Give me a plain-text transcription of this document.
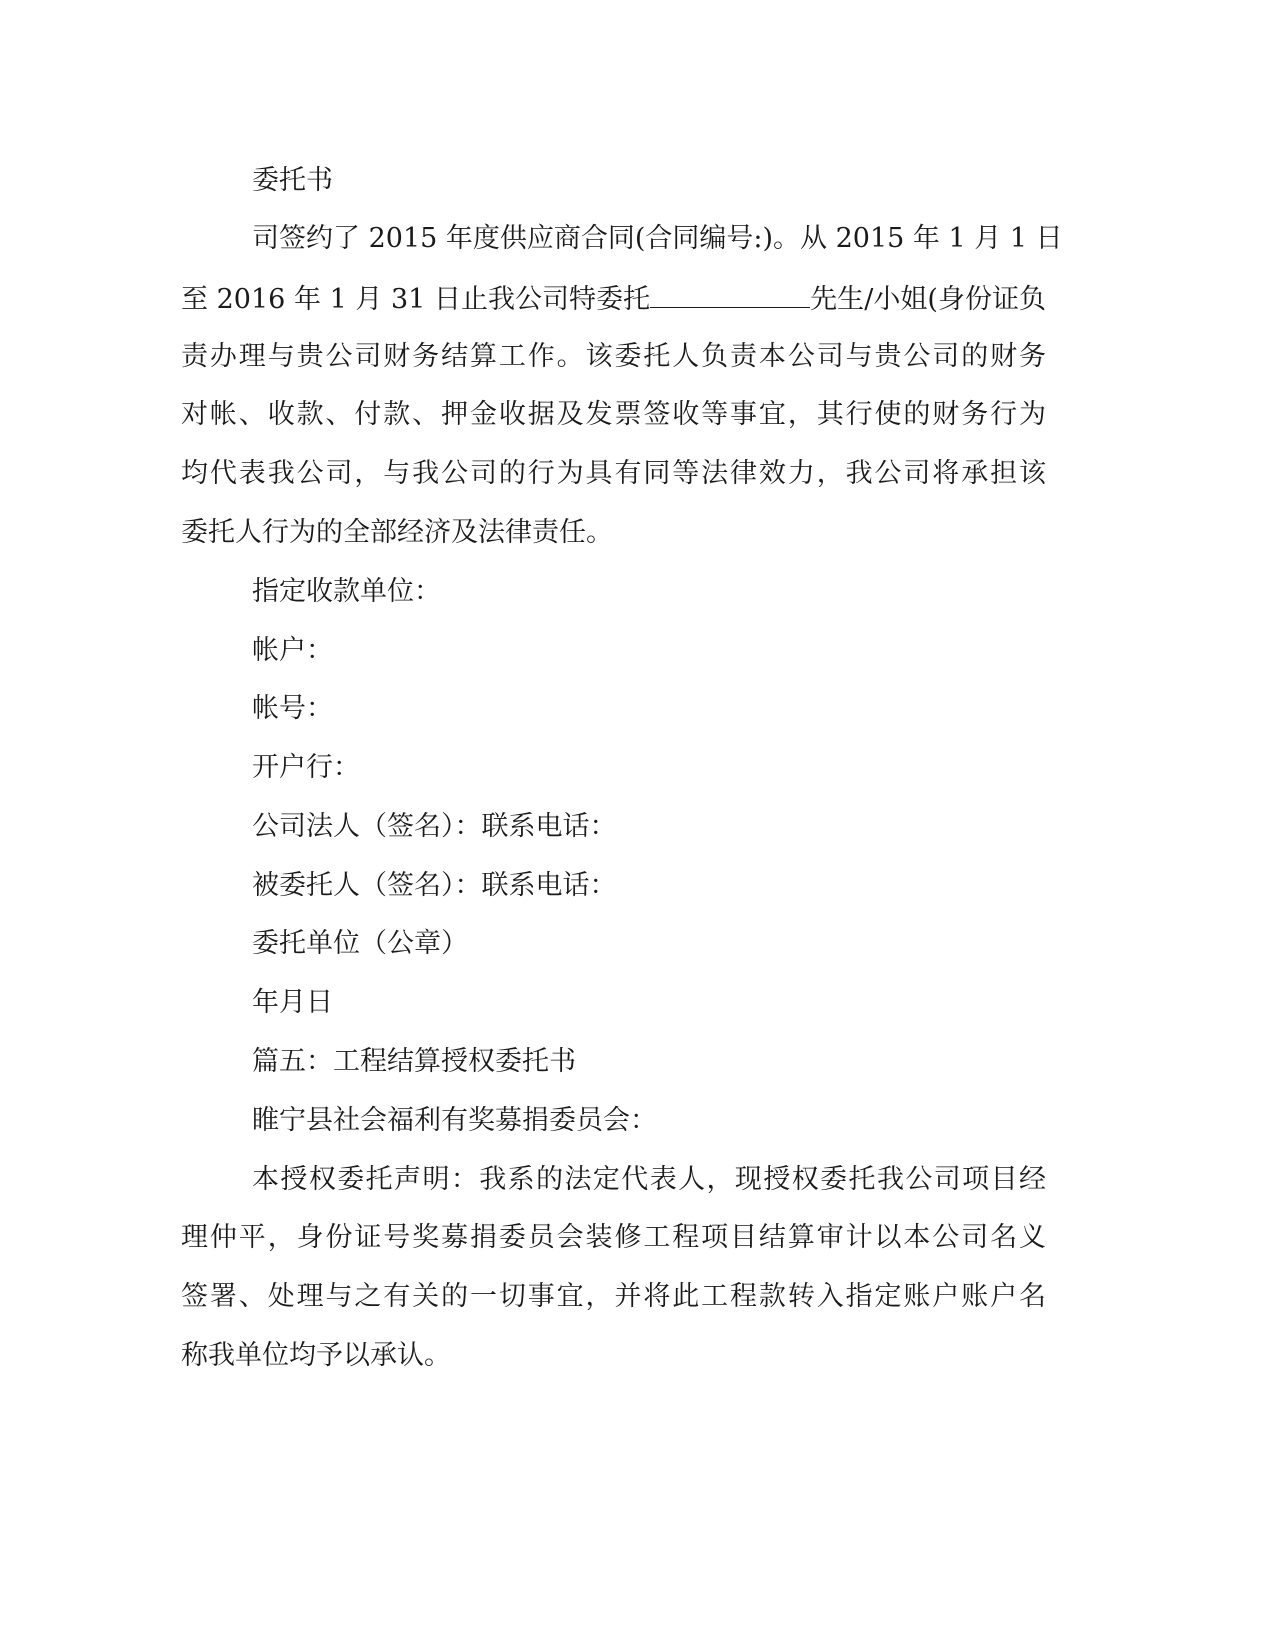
委托书

司签约了 2015 年度供应商合同(合同编号:)。从 2015 年 1 月 1 日

至 2016 年 1 月 31 日止我公司特委托	先生/小姐(身份证负

责办理与贵公司财务结算工作。该委托人负责本公司与贵公司的财务

对帐、收款、付款、押金收据及发票签收等事宜，其行使的财务行为

均代表我公司，与我公司的行为具有同等法律效力，我公司将承担该

委托人行为的全部经济及法律责任。

指定收款单位：

帐户：

帐号：

开户行：

公司法人（签名）：联系电话：

被委托人（签名）：联系电话：

委托单位（公章）

年月日

篇五：工程结算授权委托书

睢宁县社会福利有奖募捐委员会：

本授权委托声明：我系的法定代表人，现授权委托我公司项目经

理仲平，身份证号奖募捐委员会装修工程项目结算审计以本公司名义

签署、处理与之有关的一切事宜，并将此工程款转入指定账户账户名

称我单位均予以承认。
